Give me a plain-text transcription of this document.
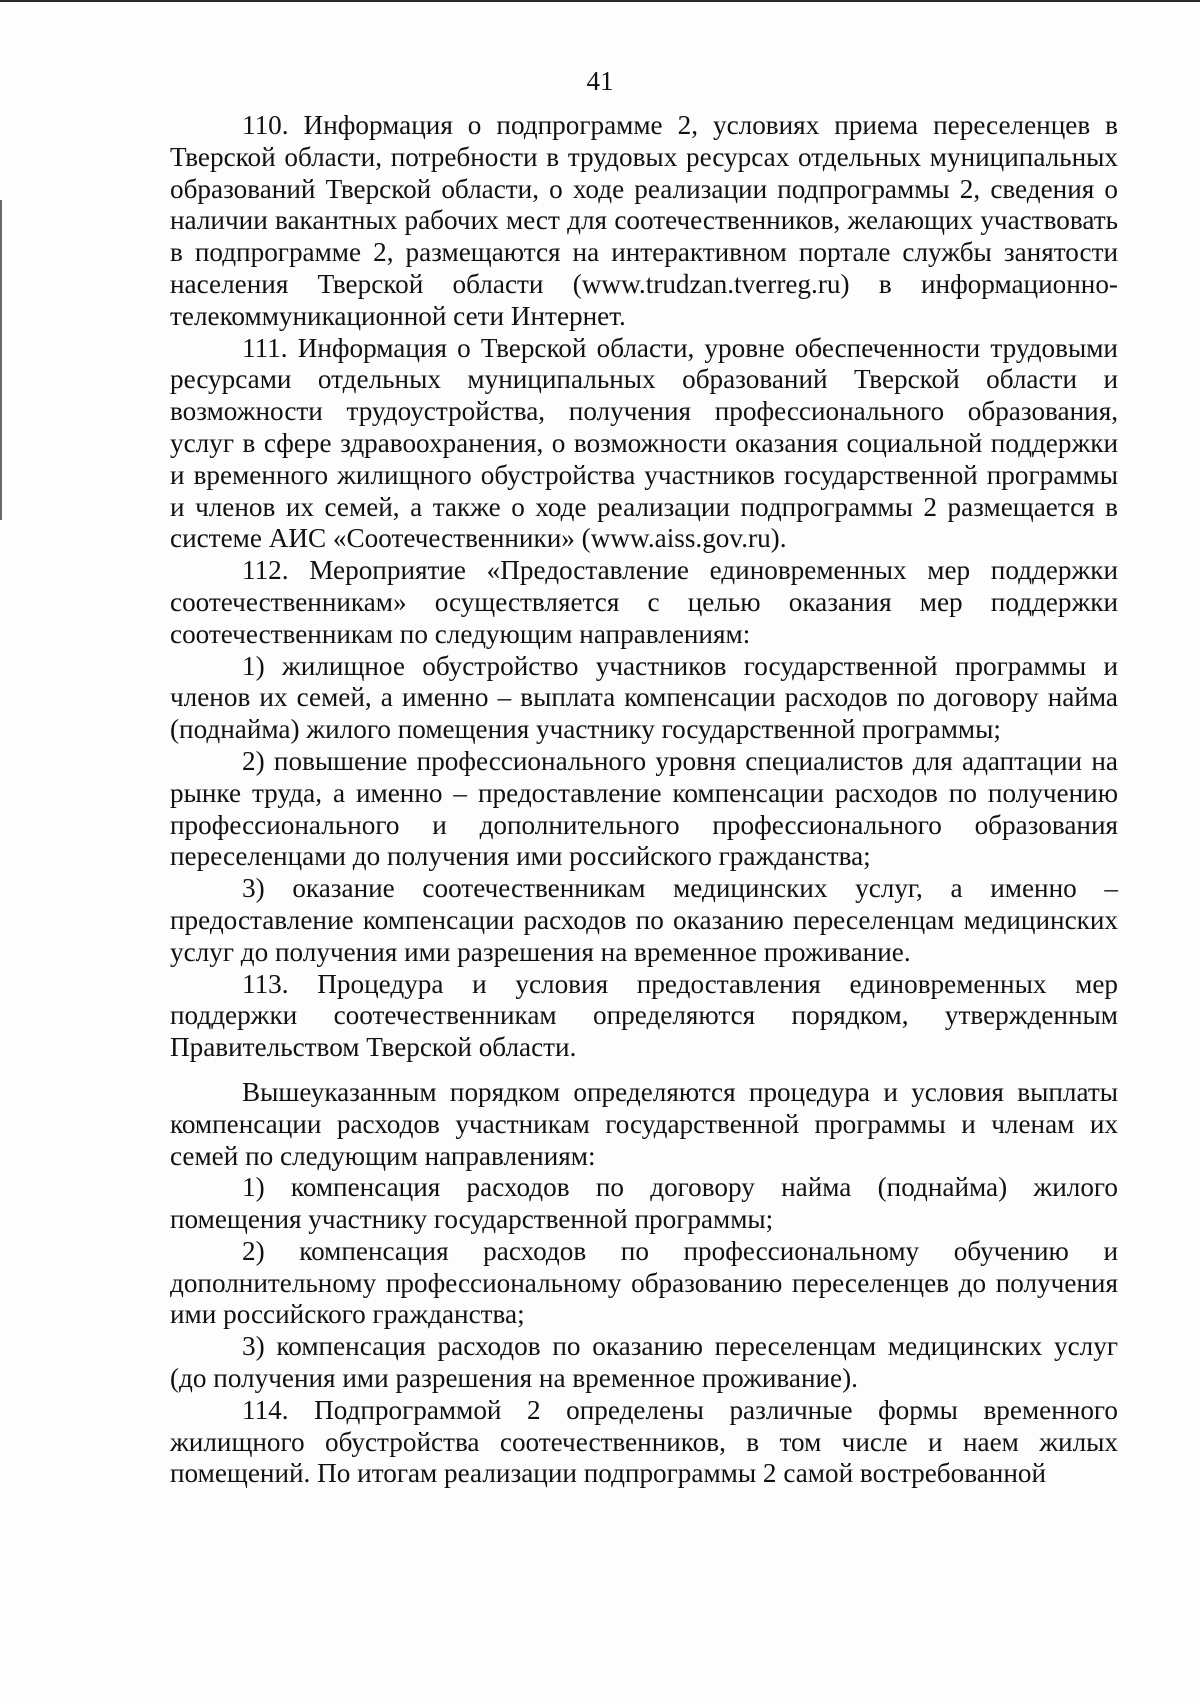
41

110. Информация о подпрограмме 2, условиях приема переселенцев в Тверской области, потребности в трудовых ресурсах отдельных муниципальных образований Тверской области, о ходе реализации подпрограммы 2, сведения о наличии вакантных рабочих мест для соотечественников, желающих участвовать в подпрограмме 2, размещаются на интерактивном портале службы занятости населения Тверской области (www.trudzan.tverreg.ru) в информационно-телекоммуникационной сети Интернет.

111. Информация о Тверской области, уровне обеспеченности трудовыми ресурсами отдельных муниципальных образований Тверской области и возможности трудоустройства, получения профессионального образования, услуг в сфере здравоохранения, о возможности оказания социальной поддержки и временного жилищного обустройства участников государственной программы и членов их семей, а также о ходе реализации подпрограммы 2 размещается в системе АИС «Соотечественники» (www.aiss.gov.ru).

112. Мероприятие «Предоставление единовременных мер поддержки соотечественникам» осуществляется с целью оказания мер поддержки соотечественникам по следующим направлениям:

1) жилищное обустройство участников государственной программы и членов их семей, а именно – выплата компенсации расходов по договору найма (поднайма) жилого помещения участнику государственной программы;

2) повышение профессионального уровня специалистов для адаптации на рынке труда, а именно – предоставление компенсации расходов по получению профессионального и дополнительного профессионального образования переселенцами до получения ими российского гражданства;

3) оказание соотечественникам медицинских услуг, а именно – предоставление компенсации расходов по оказанию переселенцам медицинских услуг до получения ими разрешения на временное проживание.

113. Процедура и условия предоставления единовременных мер поддержки соотечественникам определяются порядком, утвержденным Правительством Тверской области.

Вышеуказанным порядком определяются процедура и условия выплаты компенсации расходов участникам государственной программы и членам их семей по следующим направлениям:

1) компенсация расходов по договору найма (поднайма) жилого помещения участнику государственной программы;

2) компенсация расходов по профессиональному обучению и дополнительному профессиональному образованию переселенцев до получения ими российского гражданства;

3) компенсация расходов по оказанию переселенцам медицинских услуг (до получения ими разрешения на временное проживание).

114. Подпрограммой 2 определены различные формы временного жилищного обустройства соотечественников, в том числе и наем жилых помещений. По итогам реализации подпрограммы 2 самой востребованной
